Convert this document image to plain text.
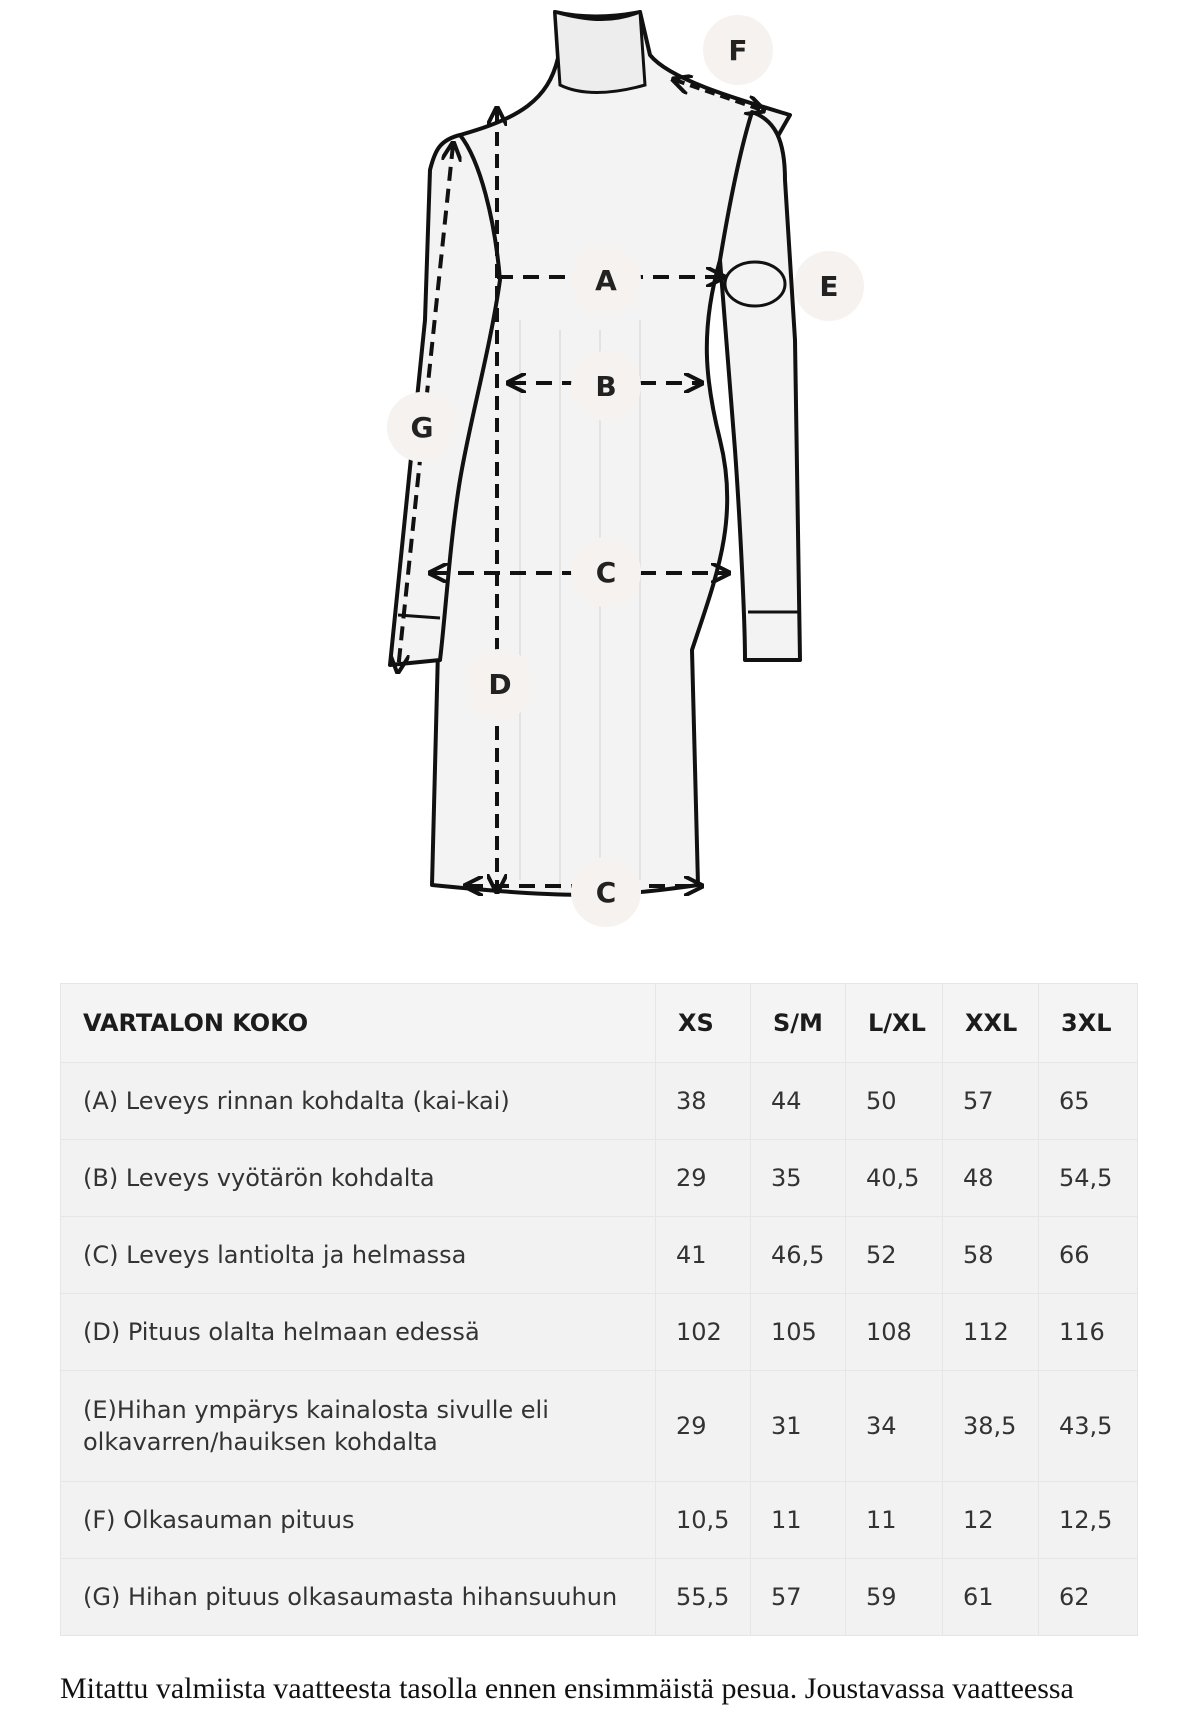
A
B
C
C
D
E
F
G
VARTALON KOKO	XS	S/M	L/XL	XXL	3XL
(A) Leveys rinnan kohdalta (kai-kai)	38	44	50	57	65
(B) Leveys vyötärön kohdalta	29	35	40,5	48	54,5
(C) Leveys lantiolta ja helmassa	41	46,5	52	58	66
(D) Pituus olalta helmaan edessä	102	105	108	112	116
(E)Hihan ympärys kainalosta sivulle eli olkavarren/hauiksen kohdalta	29	31	34	38,5	43,5
(F) Olkasauman pituus	10,5	11	11	12	12,5
(G) Hihan pituus olkasaumasta hihansuuhun	55,5	57	59	61	62
Mitattu valmiista vaatteesta tasolla ennen ensimmäistä pesua. Joustavassa vaatteessa
